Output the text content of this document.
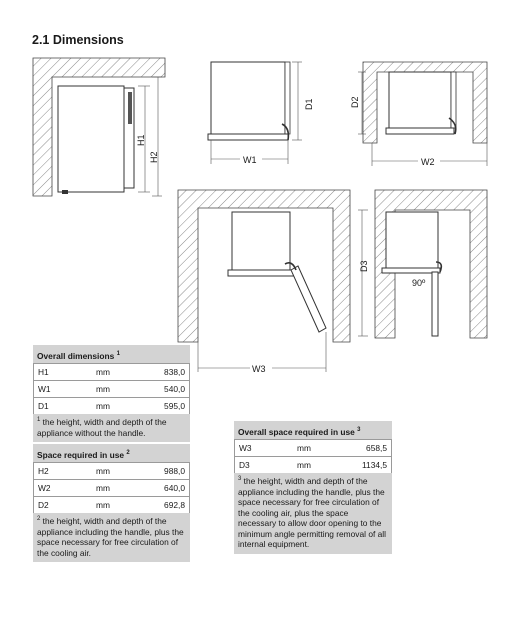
2.1 Dimensions
H1
H2	W1
D1
W2
D2
W3
D3
90º
Overall dimensions $^1$
H1	mm	838,0
W1	mm	540,0
D1	mm	595,0
$^1$ the height, width and depth of the appliance without the handle.
Space required in use $^2$
H2	mm	988,0
W2	mm	640,0
D2	mm	692,8
$^2$ the height, width and depth of the appliance including the handle, plus the space necessary for free circulation of the cooling air.
Overall space required in use $^3$
W3	mm	658,5
D3	mm	1134,5
$^3$ the height, width and depth of the appliance including the handle, plus the space necessary for free circulation of the cooling air, plus the space necessary to allow door opening to the minimum angle permitting removal of all internal equipment.
